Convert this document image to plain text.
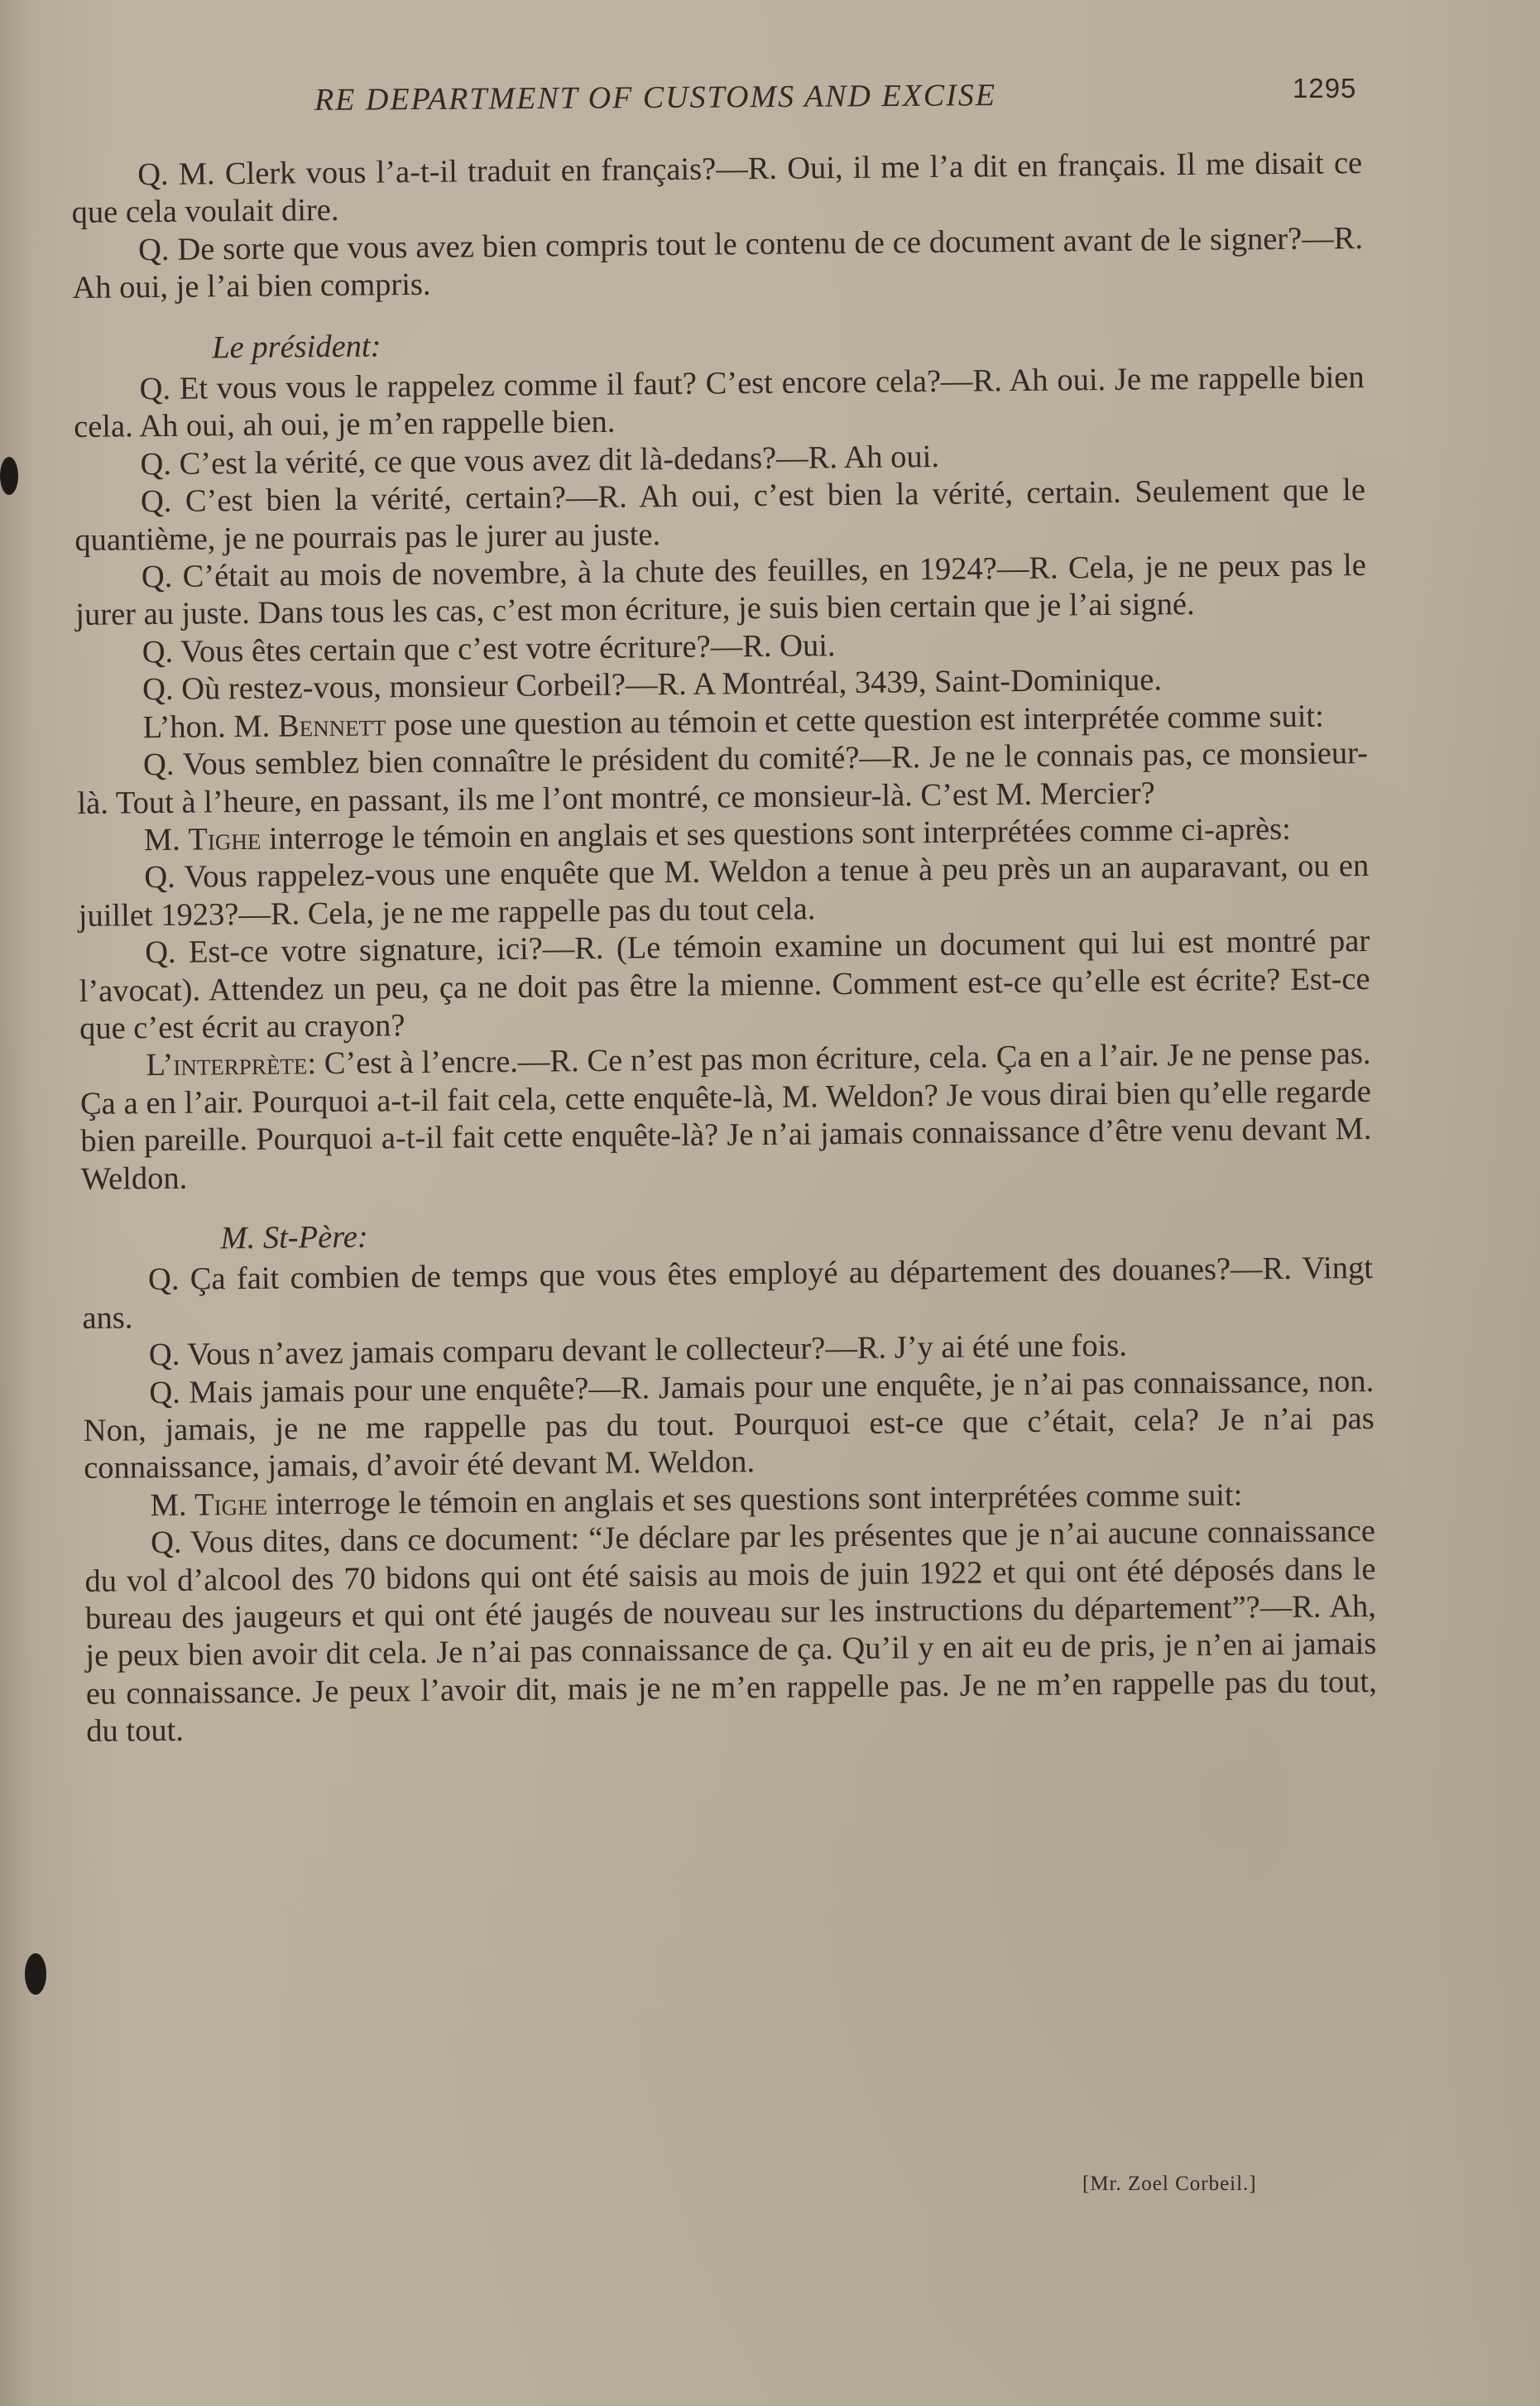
RE DEPARTMENT OF CUSTOMS AND EXCISE	1295

Q. M. Clerk vous l’a-t-il traduit en français?—R. Oui, il me l’a dit en français. Il me disait ce que cela voulait dire.

Q. De sorte que vous avez bien compris tout le contenu de ce document avant de le signer?—R. Ah oui, je l’ai bien compris.

Le président:

Q. Et vous vous le rappelez comme il faut? C’est encore cela?—R. Ah oui. Je me rappelle bien cela. Ah oui, ah oui, je m’en rappelle bien.

Q. C’est la vérité, ce que vous avez dit là-dedans?—R. Ah oui.

Q. C’est bien la vérité, certain?—R. Ah oui, c’est bien la vérité, certain. Seulement que le quantième, je ne pourrais pas le jurer au juste.

Q. C’était au mois de novembre, à la chute des feuilles, en 1924?—R. Cela, je ne peux pas le jurer au juste. Dans tous les cas, c’est mon écriture, je suis bien certain que je l’ai signé.

Q. Vous êtes certain que c’est votre écriture?—R. Oui.

Q. Où restez-vous, monsieur Corbeil?—R. A Montréal, 3439, Saint-Dominique.

L’hon. M. Bennett pose une question au témoin et cette question est interprétée comme suit:

Q. Vous semblez bien connaître le président du comité?—R. Je ne le connais pas, ce monsieur-là. Tout à l’heure, en passant, ils me l’ont montré, ce monsieur-là. C’est M. Mercier?

M. Tighe interroge le témoin en anglais et ses questions sont interprétées comme ci-après:

Q. Vous rappelez-vous une enquête que M. Weldon a tenue à peu près un an auparavant, ou en juillet 1923?—R. Cela, je ne me rappelle pas du tout cela.

Q. Est-ce votre signature, ici?—R. (Le témoin examine un document qui lui est montré par l’avocat). Attendez un peu, ça ne doit pas être la mienne. Comment est-ce qu’elle est écrite? Est-ce que c’est écrit au crayon?

L’interprète: C’est à l’encre.—R. Ce n’est pas mon écriture, cela. Ça en a l’air. Je ne pense pas. Ça a en l’air. Pourquoi a-t-il fait cela, cette enquête-là, M. Weldon? Je vous dirai bien qu’elle regarde bien pareille. Pourquoi a-t-il fait cette enquête-là? Je n’ai jamais connaissance d’être venu devant M. Weldon.

M. St-Père:

Q. Ça fait combien de temps que vous êtes employé au département des douanes?—R. Vingt ans.

Q. Vous n’avez jamais comparu devant le collecteur?—R. J’y ai été une fois.

Q. Mais jamais pour une enquête?—R. Jamais pour une enquête, je n’ai pas connaissance, non. Non, jamais, je ne me rappelle pas du tout. Pourquoi est-ce que c’était, cela? Je n’ai pas connaissance, jamais, d’avoir été devant M. Weldon.

M. Tighe interroge le témoin en anglais et ses questions sont interprétées comme suit:

Q. Vous dites, dans ce document: “Je déclare par les présentes que je n’ai aucune connaissance du vol d’alcool des 70 bidons qui ont été saisis au mois de juin 1922 et qui ont été déposés dans le bureau des jaugeurs et qui ont été jaugés de nouveau sur les instructions du département”?—R. Ah, je peux bien avoir dit cela. Je n’ai pas connaissance de ça. Qu’il y en ait eu de pris, je n’en ai jamais eu connaissance. Je peux l’avoir dit, mais je ne m’en rappelle pas. Je ne m’en rappelle pas du tout, du tout.

[Mr. Zoel Corbeil.]
